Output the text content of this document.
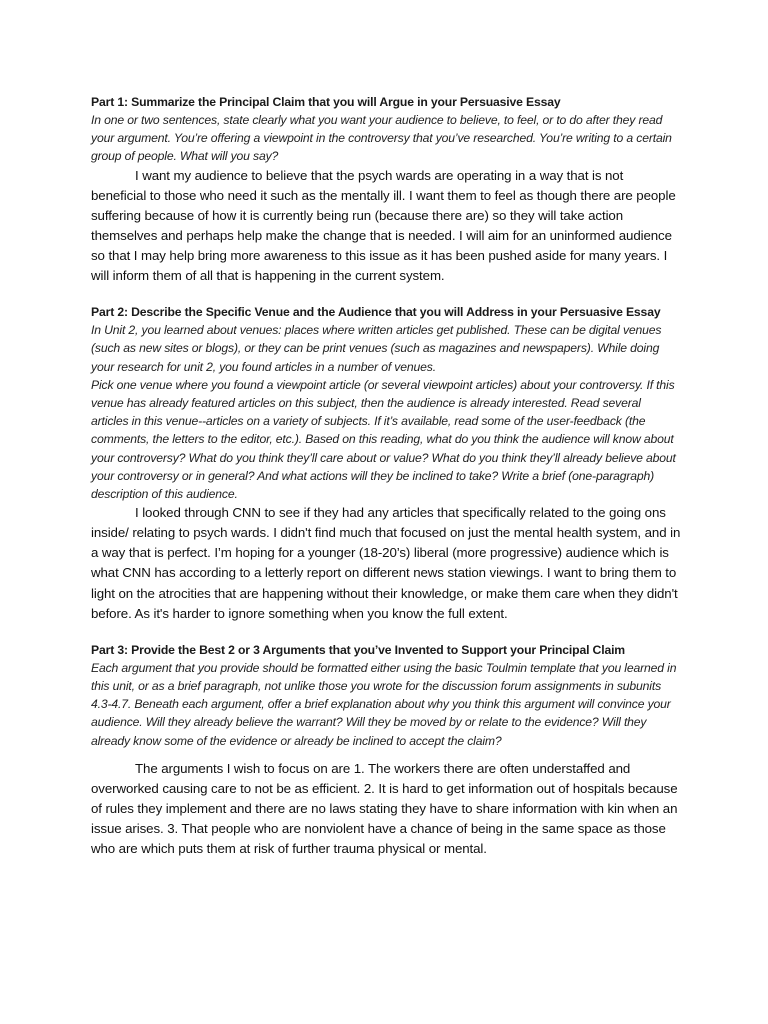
Part 1: Summarize the Principal Claim that you will Argue in your Persuasive Essay

In one or two sentences, state clearly what you want your audience to believe, to feel, or to do after they read your argument. You’re offering a viewpoint in the controversy that you’ve researched. You’re writing to a certain group of people. What will you say?

I want my audience to believe that the psych wards are operating in a way that is not beneficial to those who need it such as the mentally ill. I want them to feel as though there are people suffering because of how it is currently being run (because there are) so they will take action themselves and perhaps help make the change that is needed. I will aim for an uninformed audience so that I may help bring more awareness to this issue as it has been pushed aside for many years. I will inform them of all that is happening in the current system.

Part 2: Describe the Specific Venue and the Audience that you will Address in your Persuasive Essay

In Unit 2, you learned about venues: places where written articles get published. These can be digital venues (such as new sites or blogs), or they can be print venues (such as magazines and newspapers). While doing your research for unit 2, you found articles in a number of venues.

Pick one venue where you found a viewpoint article (or several viewpoint articles) about your controversy. If this venue has already featured articles on this subject, then the audience is already interested. Read several articles in this venue--articles on a variety of subjects. If it’s available, read some of the user-feedback (the comments, the letters to the editor, etc.). Based on this reading, what do you think the audience will know about your controversy? What do you think they’ll care about or value? What do you think they’ll already believe about your controversy or in general? And what actions will they be inclined to take? Write a brief (one-paragraph) description of this audience.

I looked through CNN to see if they had any articles that specifically related to the going ons inside/ relating to psych wards. I didn't find much that focused on just the mental health system, and in a way that is perfect. I’m hoping for a younger (18-20’s) liberal (more progressive) audience which is what CNN has according to a letterly report on different news station viewings. I want to bring them to light on the atrocities that are happening without their knowledge, or make them care when they didn't before. As it's harder to ignore something when you know the full extent.

Part 3: Provide the Best 2 or 3 Arguments that you’ve Invented to Support your Principal Claim

Each argument that you provide should be formatted either using the basic Toulmin template that you learned in this unit, or as a brief paragraph, not unlike those you wrote for the discussion forum assignments in subunits 4.3-4.7. Beneath each argument, offer a brief explanation about why you think this argument will convince your audience. Will they already believe the warrant? Will they be moved by or relate to the evidence? Will they already know some of the evidence or already be inclined to accept the claim?

The arguments I wish to focus on are 1. The workers there are often understaffed and overworked causing care to not be as efficient. 2. It is hard to get information out of hospitals because of rules they implement and there are no laws stating they have to share information with kin when an issue arises. 3. That people who are nonviolent have a chance of being in the same space as those who are which puts them at risk of further trauma physical or mental.
